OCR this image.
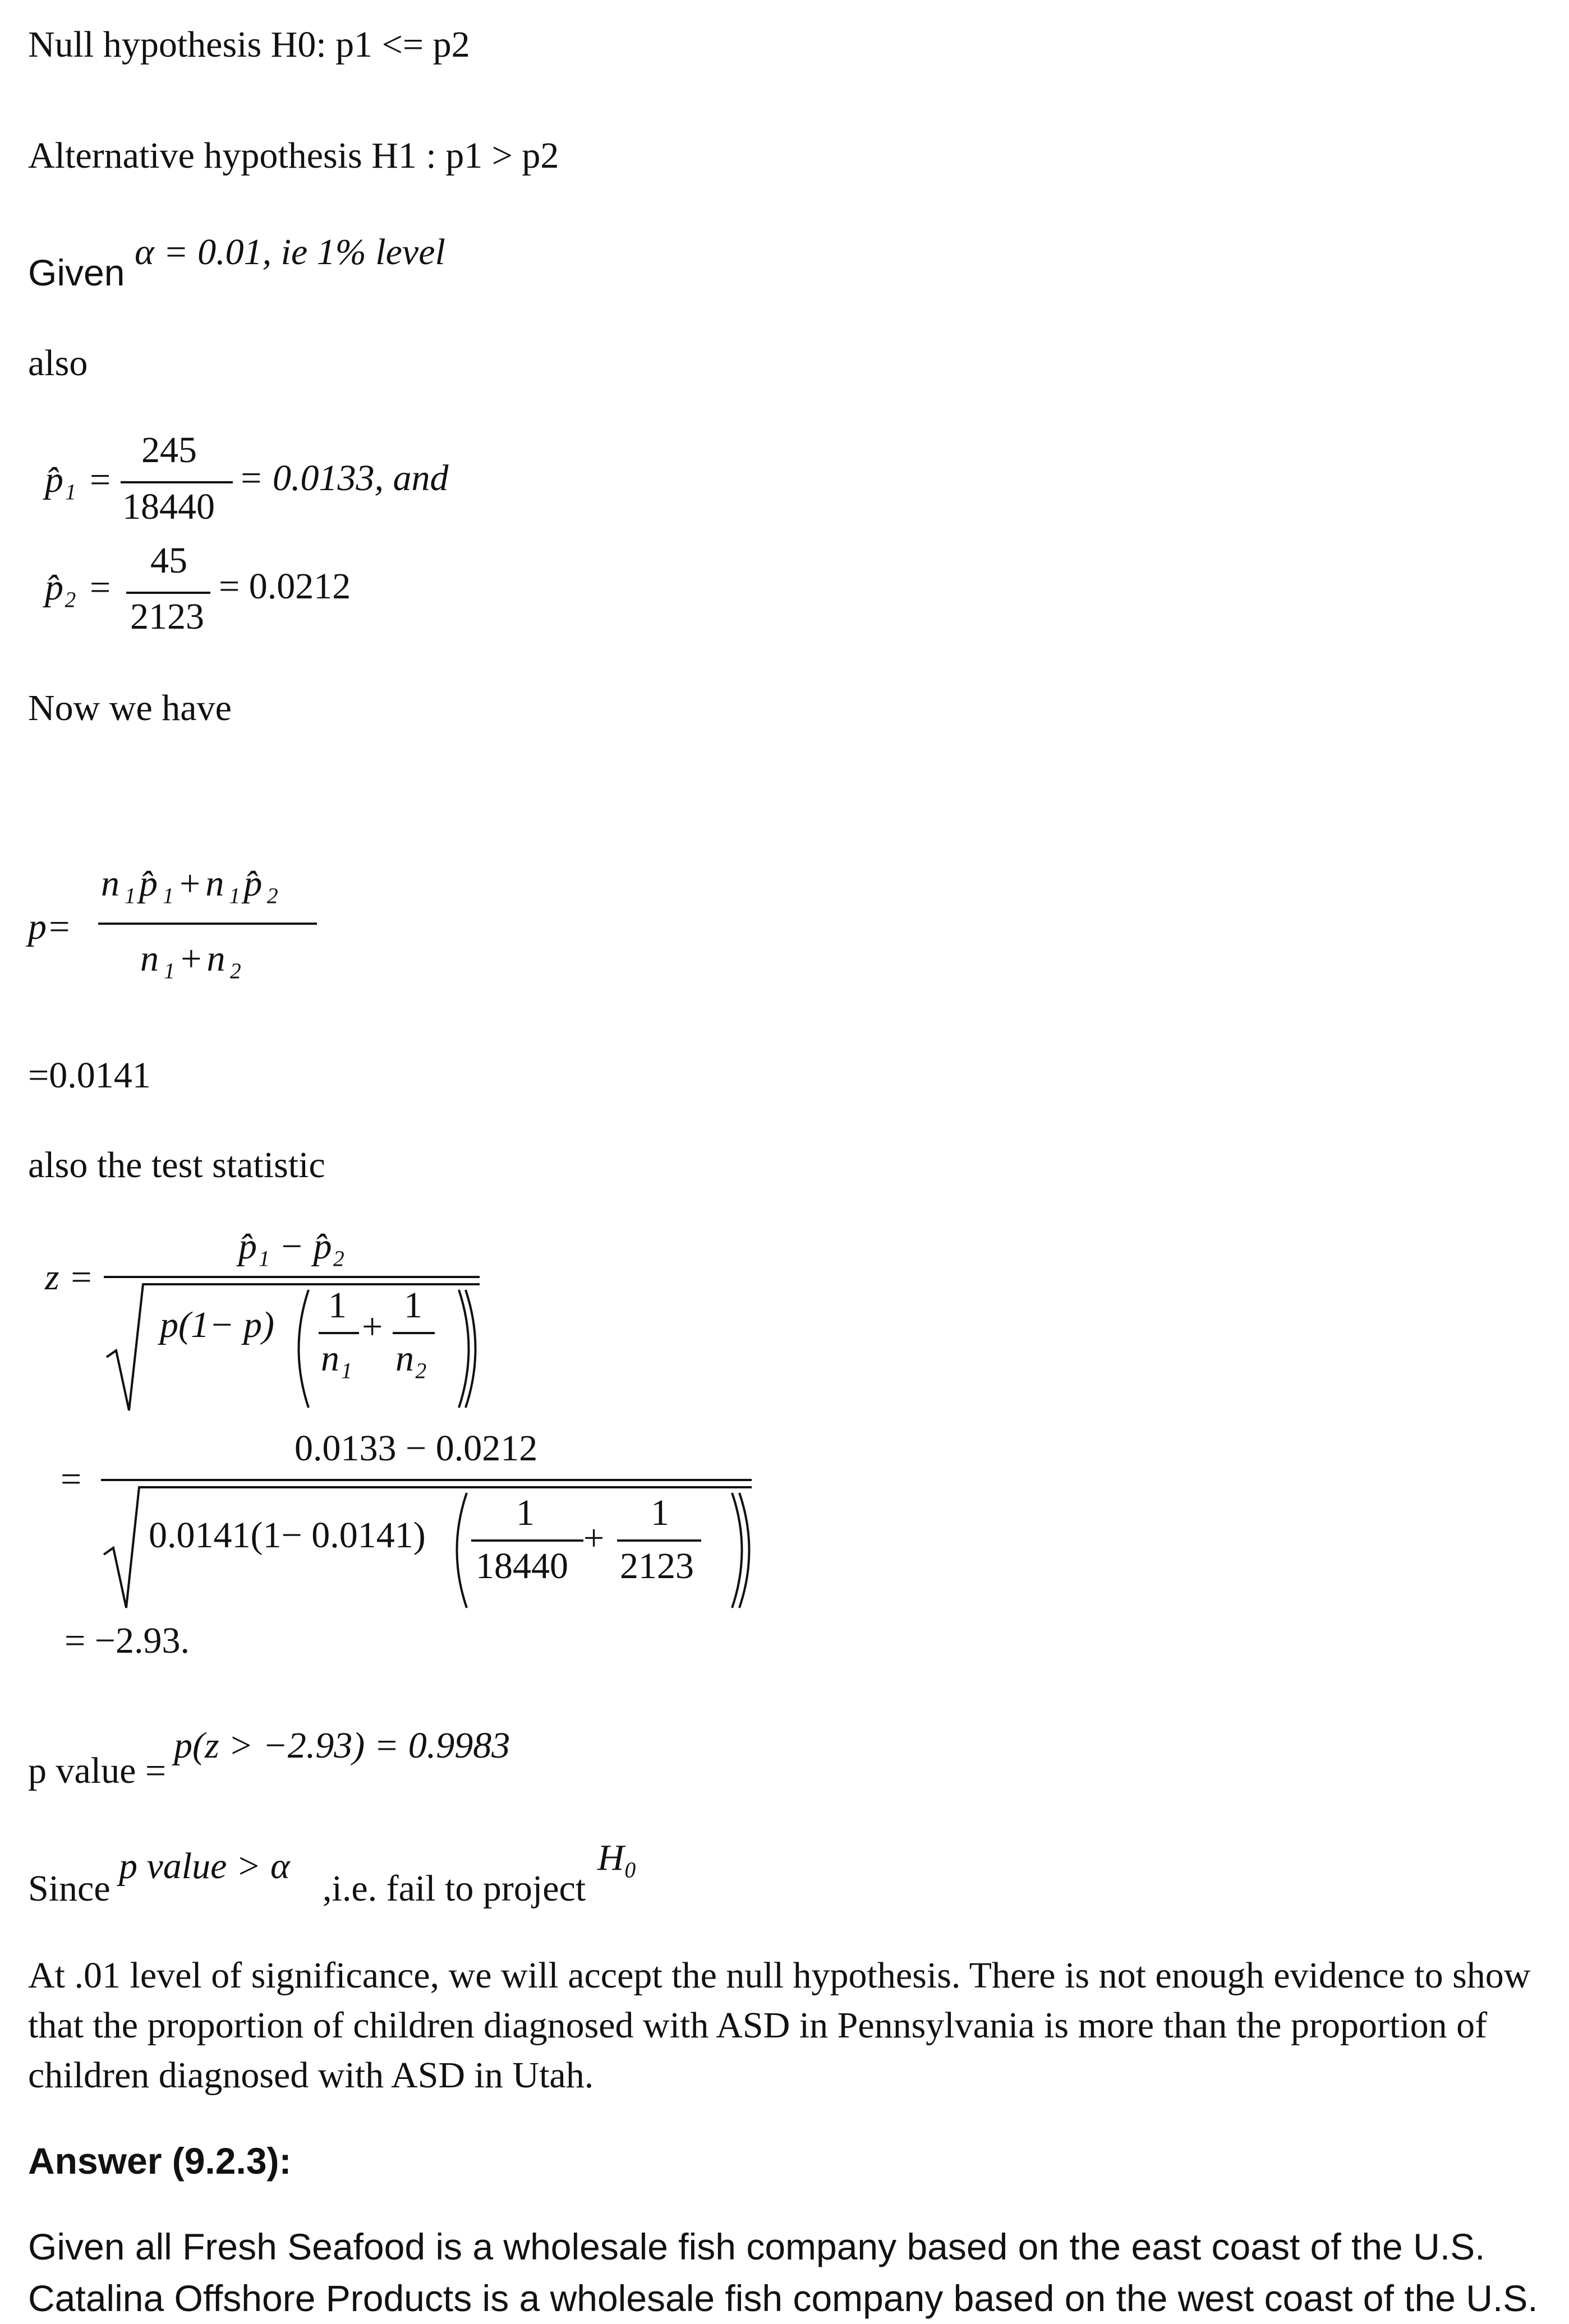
Null hypothesis H0: p1 <= p2
Alternative hypothesis H1 : p1 > p2
Given α = 0.01, ie 1% level
also
p̂₁ =
245
18440
= 0.0133, and
p̂₂ =
45
2123
= 0.0212
Now we have
p=
n₁p̂₁+n₁p̂₂
n₁+n₂
=0.0141
also the test statistic
z =
p̂₁ − p̂₂
p(1− p) 1
n₁
+
1
n₂
=
0.0133 − 0.0212
0.0141(1− 0.0141)
1
18440
+
1
2123
= −2.93.
p value =
p(z > −2.93) = 0.9983
Since
p value > α
,i.e. fail to project
H₀
At .01 level of significance, we will accept the null hypothesis. There is not enough evidence to show that the proportion of children diagnosed with ASD in Pennsylvania is more than the proportion of children diagnosed with ASD in Utah.
Answer (9.2.3):
Given all Fresh Seafood is a wholesale fish company based on the east coast of the U.S. Catalina Offshore Products is a wholesale fish company based on the west coast of the U.S.
